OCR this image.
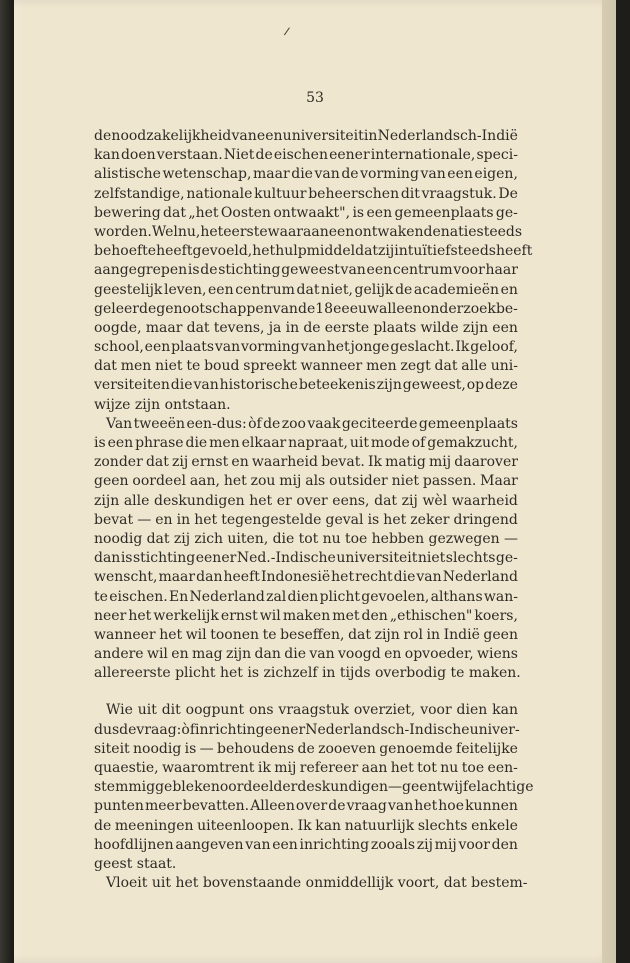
53
de noodzakelijkheid van een universiteit in Nederlandsch-Indië
kan doen verstaan. Niet de eischen eener internationale, speci-
alistische wetenschap, maar die van de vorming van een eigen,
zelfstandige, nationale kultuur beheerschen dit vraagstuk. De
bewering dat „het Oosten ontwaakt", is een gemeenplaats ge-
worden. Welnu, het eerste waaraan een ontwakende natie steeds
behoefte heeft gevoeld, het hulpmiddel dat zij intuïtief steeds heeft
aangegrepen is de stichting geweest van een centrum voor haar
geestelijk leven, een centrum dat niet, gelijk de academieën en
geleerde genootschappen van de 18e eeuw alleen onderzoek be-
oogde, maar dat tevens, ja in de eerste plaats wilde zijn een
school, een plaats van vorming van het jonge geslacht. Ik geloof,
dat men niet te boud spreekt wanneer men zegt dat alle uni-
versiteiten die van historische beteekenis zijn geweest, op deze
wijze zijn ontstaan.
Van tweeën een-dus: òf de zoo vaak geciteerde gemeenplaats
is een phrase die men elkaar napraat, uit mode of gemakzucht,
zonder dat zij ernst en waarheid bevat. Ik matig mij daarover
geen oordeel aan, het zou mij als outsider niet passen. Maar
zijn alle deskundigen het er over eens, dat zij wèl waarheid
bevat — en in het tegengestelde geval is het zeker dringend
noodig dat zij zich uiten, die tot nu toe hebben gezwegen —
dan is stichting eener Ned.-Indische universiteit niet slechts ge-
wenscht, maar dan heeft Indonesië het recht die van Nederland
te eischen. En Nederland zal dien plicht gevoelen, althans wan-
neer het werkelijk ernst wil maken met den „ethischen" koers,
wanneer het wil toonen te beseffen, dat zijn rol in Indië geen
andere wil en mag zijn dan die van voogd en opvoeder, wiens
allereerste plicht het is zichzelf in tijds overbodig te maken.
Wie uit dit oogpunt ons vraagstuk overziet, voor dien kan
dus de vraag: òf inrichting eener Nederlandsch-Indische univer-
siteit noodig is — behoudens de zooeven genoemde feitelijke
quaestie, waaromtrent ik mij refereer aan het tot nu toe een-
stemmig gebleken oordeel der deskundigen — geen twijfelachtige
punten meer bevatten. Alleen over de vraag van het hoe kunnen
de meeningen uiteenloopen. Ik kan natuurlijk slechts enkele
hoofdlijnen aangeven van een inrichting zooals zij mij voor den
geest staat.
Vloeit uit het bovenstaande onmiddellijk voort, dat bestem-
